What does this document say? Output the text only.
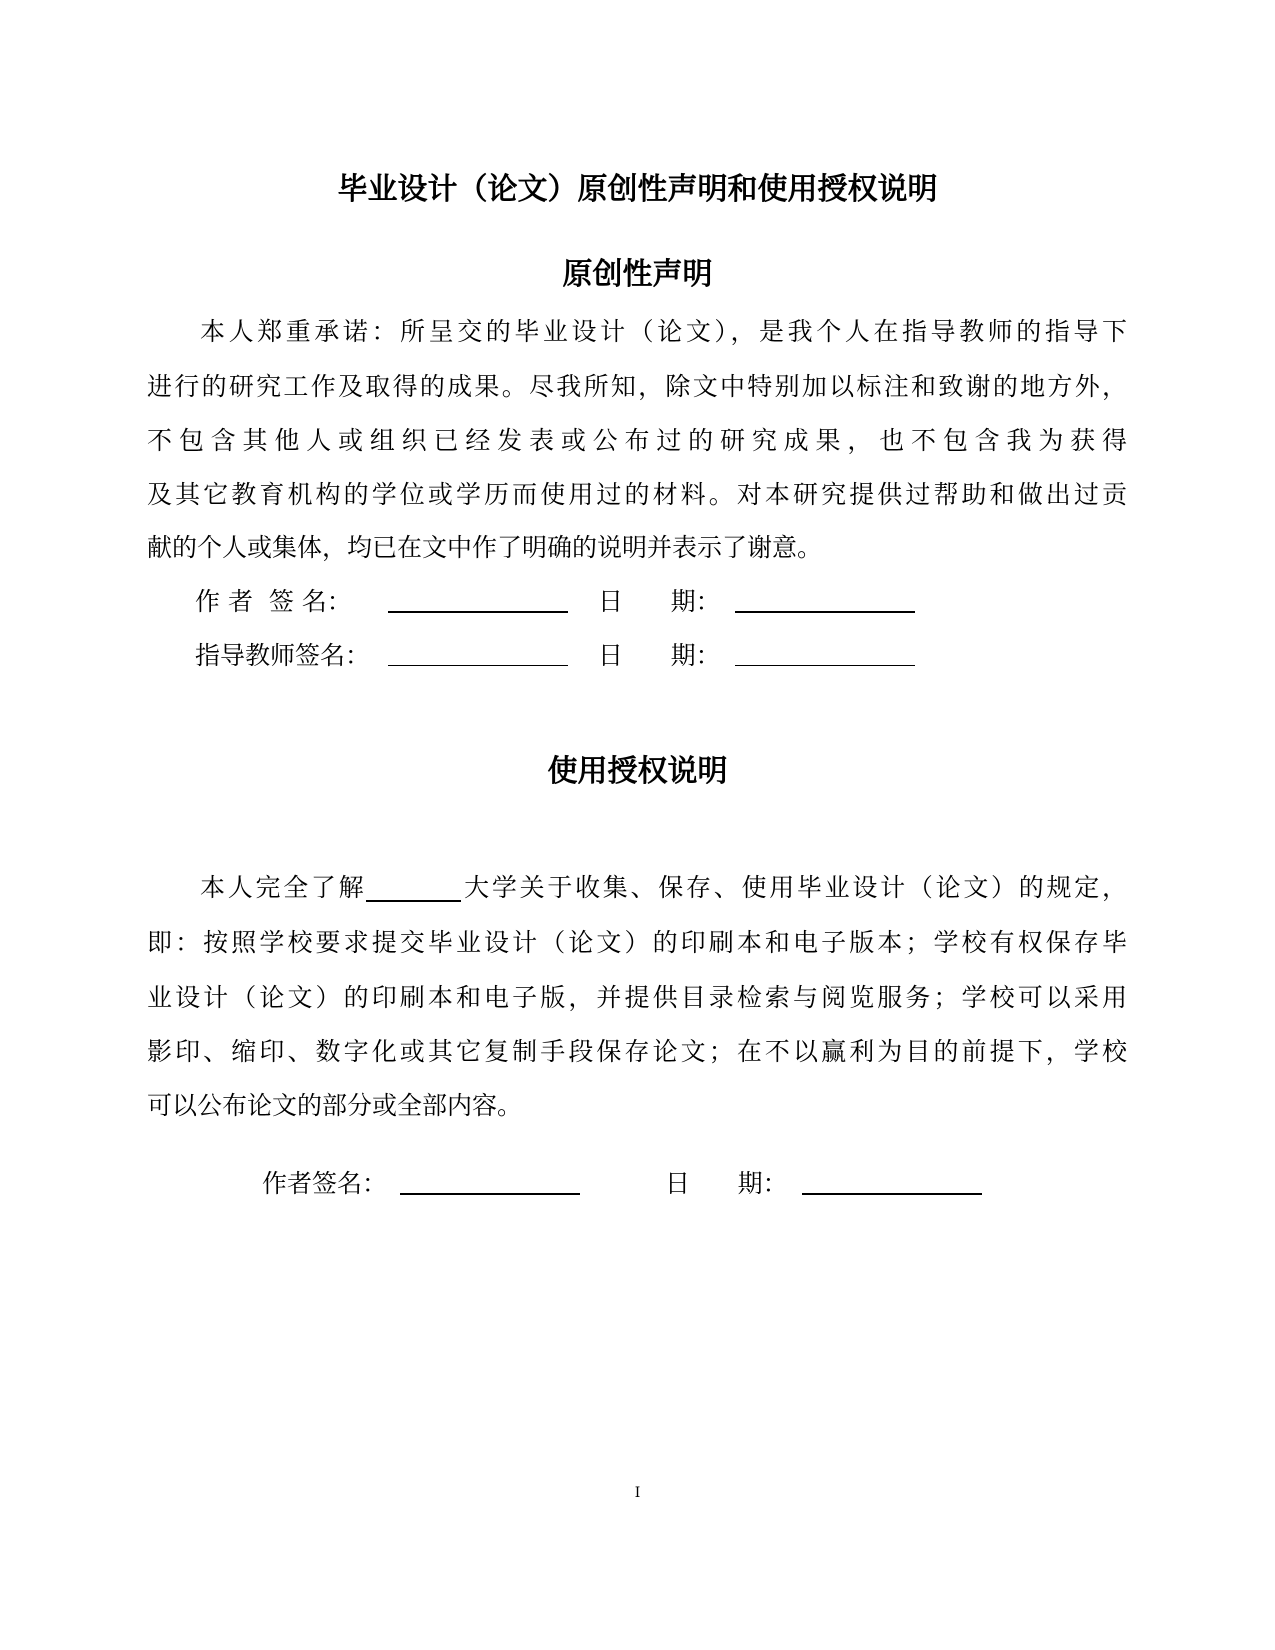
毕业设计（论文）原创性声明和使用授权说明
原创性声明
本人郑重承诺：所呈交的毕业设计（论文），是我个人在指导教师的指导下
进行的研究工作及取得的成果。尽我所知，除文中特别加以标注和致谢的地方外，
不包含其他人或组织已经发表或公布过的研究成果，也不包含我为获得
及其它教育机构的学位或学历而使用过的材料。对本研究提供过帮助和做出过贡
献的个人或集体，均已在文中作了明确的说明并表示了谢意。
作 者  签 名：	日      期：
指导教师签名：	日      期：
使用授权说明
本人完全了解	大学关于收集、保存、使用毕业设计（论文）的规定，
即：按照学校要求提交毕业设计（论文）的印刷本和电子版本；学校有权保存毕
业设计（论文）的印刷本和电子版，并提供目录检索与阅览服务；学校可以采用
影印、缩印、数字化或其它复制手段保存论文；在不以赢利为目的前提下，学校
可以公布论文的部分或全部内容。
作者签名：	日      期：
I
